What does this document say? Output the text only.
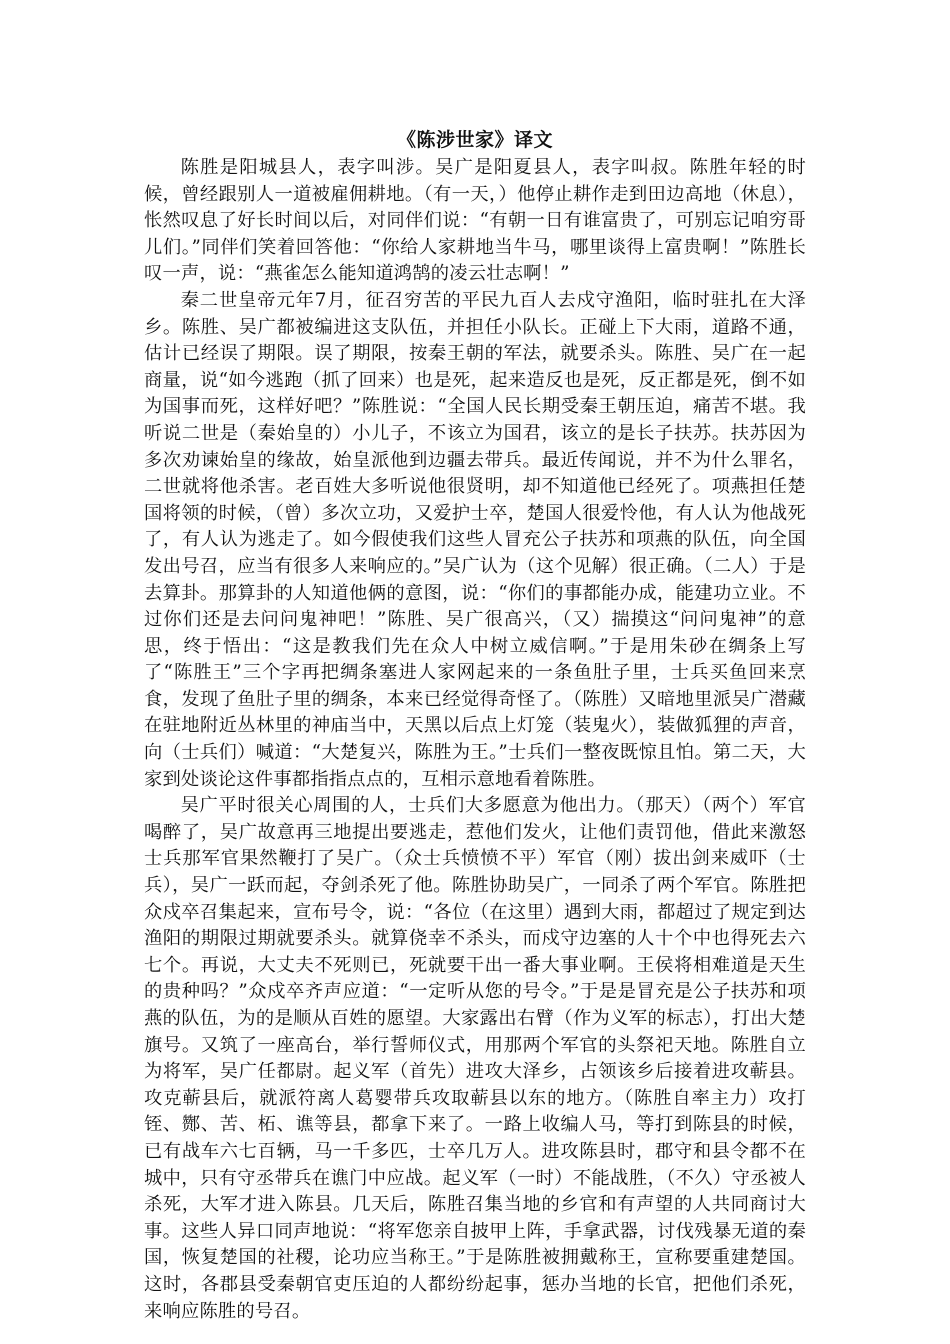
《陈涉世家》译文

陈胜是阳城县人，表字叫涉。吴广是阳夏县人，表字叫叔。陈胜年轻的时候，曾经跟别人一道被雇佣耕地。（有一天，）他停止耕作走到田边高地（休息），怅然叹息了好长时间以后，对同伴们说：“有朝一日有谁富贵了，可别忘记咱穷哥儿们。”同伴们笑着回答他：“你给人家耕地当牛马，哪里谈得上富贵啊！”陈胜长叹一声，说：“燕雀怎么能知道鸿鹄的凌云壮志啊！”

秦二世皇帝元年7月，征召穷苦的平民九百人去戍守渔阳，临时驻扎在大泽乡。陈胜、吴广都被编进这支队伍，并担任小队长。正碰上下大雨，道路不通，估计已经误了期限。误了期限，按秦王朝的军法，就要杀头。陈胜、吴广在一起商量，说“如今逃跑（抓了回来）也是死，起来造反也是死，反正都是死，倒不如为国事而死，这样好吧？”陈胜说：“全国人民长期受秦王朝压迫，痛苦不堪。我听说二世是（秦始皇的）小儿子，不该立为国君，该立的是长子扶苏。扶苏因为多次劝谏始皇的缘故，始皇派他到边疆去带兵。最近传闻说，并不为什么罪名，二世就将他杀害。老百姓大多听说他很贤明，却不知道他已经死了。项燕担任楚国将领的时候，（曾）多次立功，又爱护士卒，楚国人很爱怜他，有人认为他战死了，有人认为逃走了。如今假使我们这些人冒充公子扶苏和项燕的队伍，向全国发出号召，应当有很多人来响应的。”吴广认为（这个见解）很正确。（二人）于是去算卦。那算卦的人知道他俩的意图，说：“你们的事都能办成，能建功立业。不过你们还是去问问鬼神吧！”陈胜、吴广很高兴，（又）揣摸这“问问鬼神”的意思，终于悟出：“这是教我们先在众人中树立威信啊。”于是用朱砂在绸条上写了“陈胜王”三个字再把绸条塞进人家网起来的一条鱼肚子里，士兵买鱼回来烹食，发现了鱼肚子里的绸条，本来已经觉得奇怪了。（陈胜）又暗地里派吴广潜藏在驻地附近丛林里的神庙当中，天黑以后点上灯笼（装鬼火），装做狐狸的声音，向（士兵们）喊道：“大楚复兴，陈胜为王。”士兵们一整夜既惊且怕。第二天，大家到处谈论这件事都指指点点的，互相示意地看着陈胜。

吴广平时很关心周围的人，士兵们大多愿意为他出力。（那天）（两个）军官喝醉了，吴广故意再三地提出要逃走，惹他们发火，让他们责罚他，借此来激怒士兵那军官果然鞭打了吴广。（众士兵愤愤不平）军官（刚）拔出剑来威吓（士兵），吴广一跃而起，夺剑杀死了他。陈胜协助吴广，一同杀了两个军官。陈胜把众戍卒召集起来，宣布号令，说：“各位（在这里）遇到大雨，都超过了规定到达渔阳的期限过期就要杀头。就算侥幸不杀头，而戍守边塞的人十个中也得死去六七个。再说，大丈夫不死则已，死就要干出一番大事业啊。王侯将相难道是天生的贵种吗？”众戍卒齐声应道：“一定听从您的号令。”于是是冒充是公子扶苏和项燕的队伍，为的是顺从百姓的愿望。大家露出右臂（作为义军的标志），打出大楚旗号。又筑了一座高台，举行誓师仪式，用那两个军官的头祭祀天地。陈胜自立为将军，吴广任都尉。起义军（首先）进攻大泽乡，占领该乡后接着进攻蕲县。攻克蕲县后，就派符离人葛婴带兵攻取蕲县以东的地方。（陈胜自率主力）攻打铚、酂、苦、柘、谯等县，都拿下来了。一路上收编人马，等打到陈县的时候，已有战车六七百辆，马一千多匹，士卒几万人。进攻陈县时，郡守和县令都不在城中，只有守丞带兵在谯门中应战。起义军（一时）不能战胜，（不久）守丞被人杀死，大军才进入陈县。几天后，陈胜召集当地的乡官和有声望的人共同商讨大事。这些人异口同声地说：“将军您亲自披甲上阵，手拿武器，讨伐残暴无道的秦国，恢复楚国的社稷，论功应当称王。”于是陈胜被拥戴称王，宣称要重建楚国。这时，各郡县受秦朝官吏压迫的人都纷纷起事，惩办当地的长官，把他们杀死，来响应陈胜的号召。
